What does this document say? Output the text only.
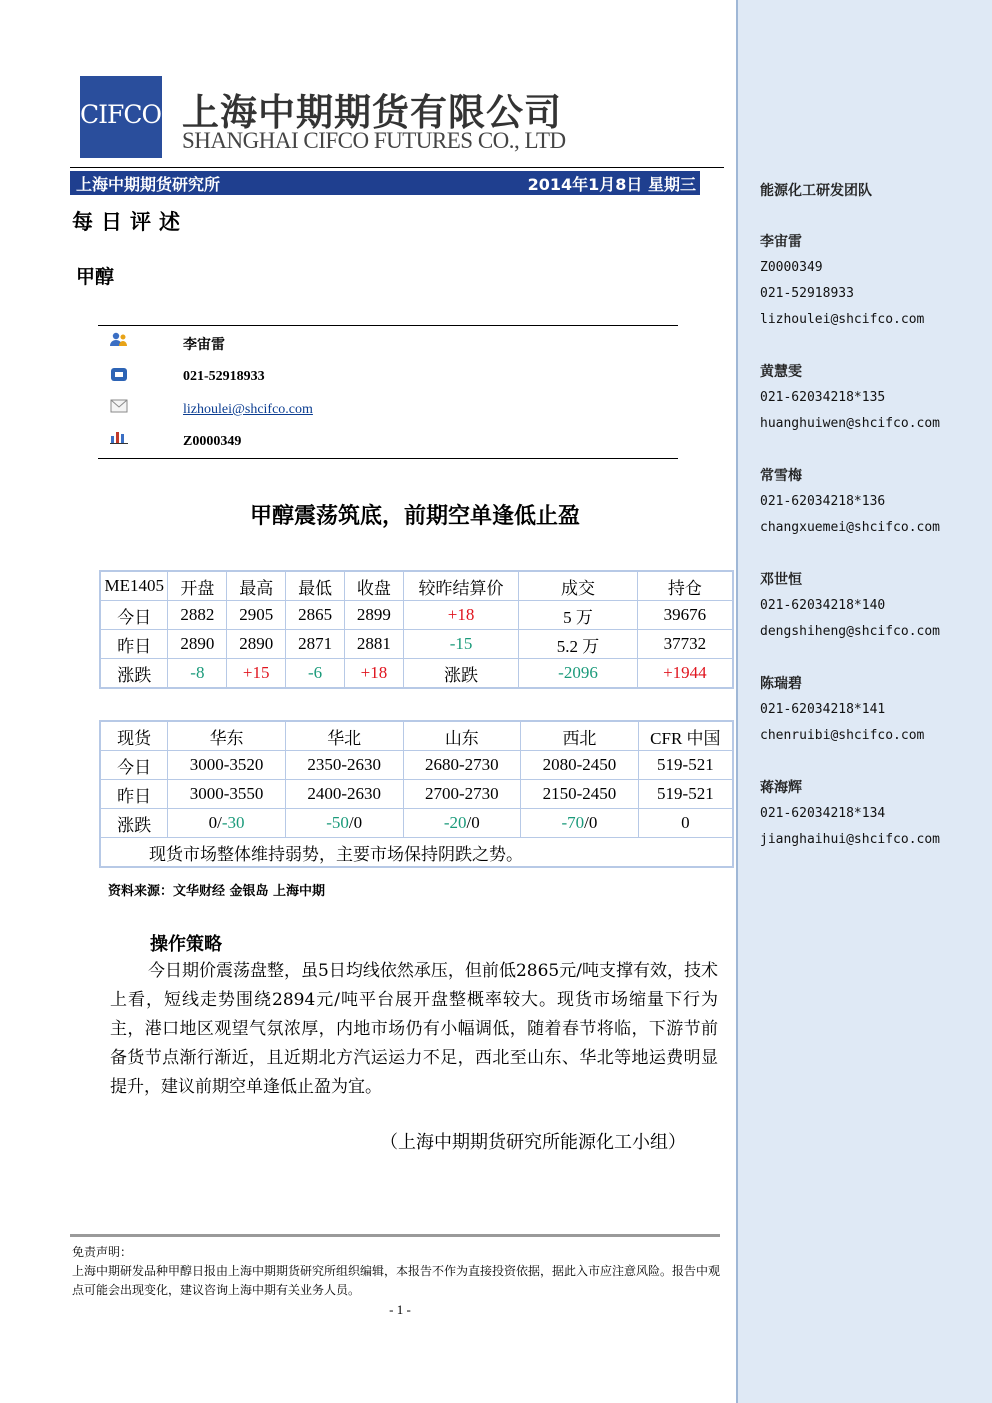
CIFCO 上海中期期货有限公司
SHANGHAI CIFCO FUTURES CO., LTD
上海中期期货研究所	2014年1月8日 星期三
每日评述
甲醇
李宙雷
021-52918933
lizhoulei@shcifco.com
Z0000349
甲醇震荡筑底，前期空单逢低止盈
ME1405	开盘	最高	最低	收盘	较昨结算价	成交	持仓
今日	2882	2905	2865	2899	+18	5 万	39676
昨日	2890	2890	2871	2881	-15	5.2 万	37732
涨跌	-8	+15	-6	+18	涨跌	-2096	+1944
现货	华东	华北	山东	西北	CFR 中国
今日	3000-3520	2350-2630	2680-2730	2080-2450	519-521
昨日	3000-3550	2400-2630	2700-2730	2150-2450	519-521
涨跌	0/-30	-50/0	-20/0	-70/0	0
现货市场整体维持弱势，主要市场保持阴跌之势。					
资料来源：文华财经 金银岛 上海中期
操作策略
今日期价震荡盘整，虽5日均线依然承压，但前低2865元/吨支撑有效，技术上看，短线走势围绕2894元/吨平台展开盘整概率较大。现货市场缩量下行为主，港口地区观望气氛浓厚，内地市场仍有小幅调低，随着春节将临，下游节前备货节点渐行渐近，且近期北方汽运运力不足，西北至山东、华北等地运费明显提升，建议前期空单逢低止盈为宜。
（上海中期期货研究所能源化工小组）
免责声明：
上海中期研发品种甲醇日报由上海中期期货研究所组织编辑，本报告不作为直接投资依据，据此入市应注意风险。报告中观点可能会出现变化，建议咨询上海中期有关业务人员。
- 1 -
能源化工研发团队
李宙雷
Z0000349
021-52918933
lizhoulei@shcifco.com
黄慧雯
021-62034218*135
huanghuiwen@shcifco.com
常雪梅
021-62034218*136
changxuemei@shcifco.com
邓世恒
021-62034218*140
dengshiheng@shcifco.com
陈瑞碧
021-62034218*141
chenruibi@shcifco.com
蒋海辉
021-62034218*134
jianghaihui@shcifco.com
